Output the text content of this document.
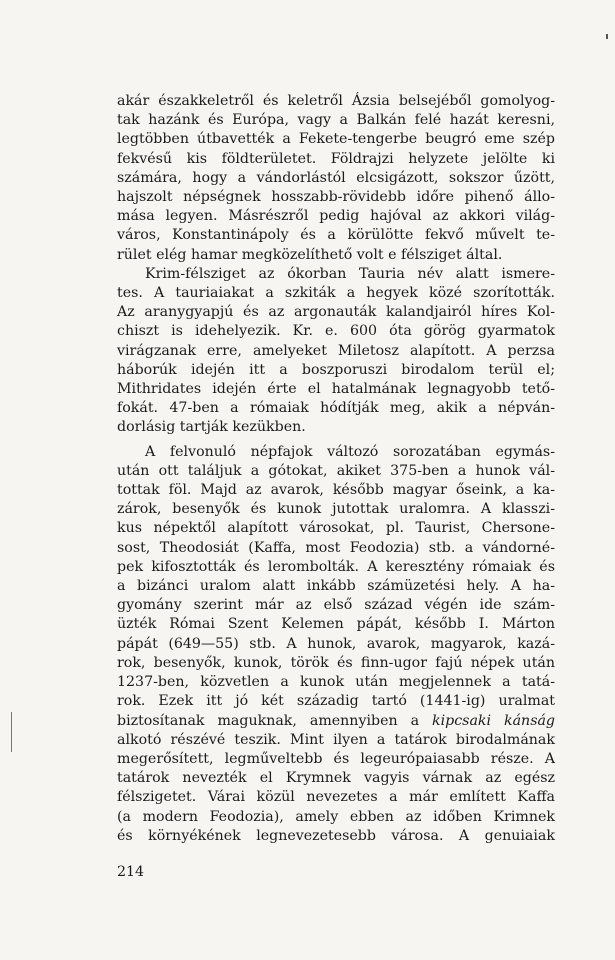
akár északkeletről és keletről Ázsia belsejéből gomolyog-

tak hazánk és Európa, vagy a Balkán felé hazát keresni,

legtöbben útbavették a Fekete-tengerbe beugró eme szép

fekvésű kis földterületet. Földrajzi helyzete jelölte ki

számára, hogy a vándorlástól elcsigázott, sokszor űzött,

hajszolt népségnek hosszabb-rövidebb időre pihenő állo-

mása legyen. Másrészről pedig hajóval az akkori világ-

város, Konstantinápoly és a körülötte fekvő művelt te-

rület elég hamar megközelíthető volt e félsziget által.

Krim-félsziget az ókorban Tauria név alatt ismere-

tes. A tauriaiakat a szkiták a hegyek közé szorították.

Az aranygyapjú és az argonauták kalandjairól híres Kol-

chiszt is idehelyezik. Kr. e. 600 óta görög gyarmatok

virágzanak erre, amelyeket Miletosz alapított. A perzsa

háborúk idején itt a boszporuszi birodalom terül el;

Mithridates idején érte el hatalmának legnagyobb tető-

fokát. 47-ben a rómaiak hódítják meg, akik a népván-

dorlásig tartják kezükben.

A felvonuló népfajok változó sorozatában egymás-

után ott találjuk a gótokat, akiket 375-ben a hunok vál-

tottak föl. Majd az avarok, később magyar őseink, a ka-

zárok, besenyők és kunok jutottak uralomra. A klasszi-

kus népektől alapított városokat, pl. Taurist, Chersone-

sost, Theodosiát (Kaffa, most Feodozia) stb. a vándorné-

pek kifosztották és lerombolták. A keresztény rómaiak és

a bizánci uralom alatt inkább számüzetési hely. A ha-

gyomány szerint már az első század végén ide szám-

üzték Római Szent Kelemen pápát, később I. Márton

pápát (649—55) stb. A hunok, avarok, magyarok, kazá-

rok, besenyők, kunok, török és finn-ugor fajú népek után

1237-ben, közvetlen a kunok után megjelennek a tatá-

rok. Ezek itt jó két századig tartó (1441-ig) uralmat

biztosítanak maguknak, amennyiben a kipcsaki kánság

alkotó részévé teszik. Mint ilyen a tatárok birodalmának

megerősített, legműveltebb és legeurópaiasabb része. A

tatárok nevezték el Krymnek vagyis várnak az egész

félszigetet. Várai közül nevezetes a már említett Kaffa

(a modern Feodozia), amely ebben az időben Krimnek

és környékének legnevezetesebb városa. A genuiaiak

214
